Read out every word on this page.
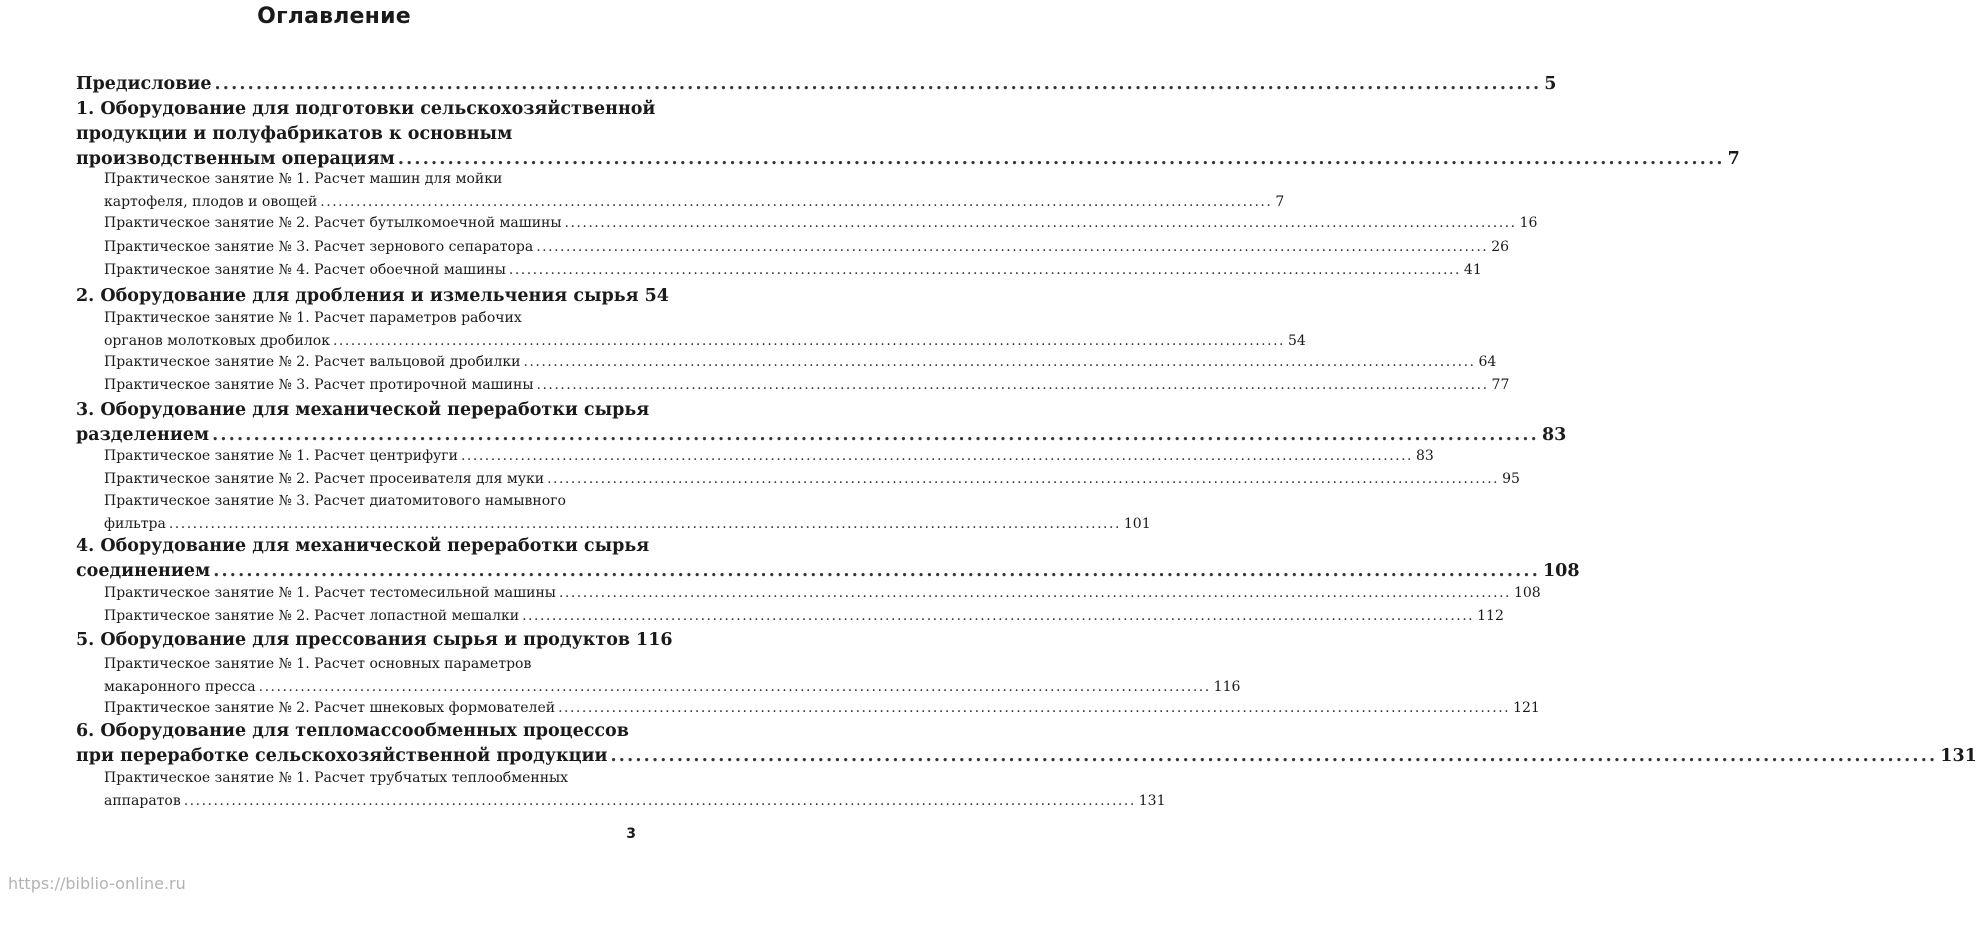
Оглавление
Предисловие ................................................................................................................................................................ 5
1. Оборудование для подготовки сельскохозяйственной
продукции и полуфабрикатов к основным
производственным операциям ................................................................................................................................................................ 7
Практическое занятие № 1. Расчет машин для мойки
картофеля, плодов и овощей ................................................................................................................................................................ 7
Практическое занятие № 2. Расчет бутылкомоечной машины ................................................................................................................................................................ 16
Практическое занятие № 3. Расчет зернового сепаратора ................................................................................................................................................................ 26
Практическое занятие № 4. Расчет обоечной машины ................................................................................................................................................................ 41
2. Оборудование для дробления и измельчения сырья 54
Практическое занятие № 1. Расчет параметров рабочих
органов молотковых дробилок ................................................................................................................................................................ 54
Практическое занятие № 2. Расчет вальцовой дробилки ................................................................................................................................................................ 64
Практическое занятие № 3. Расчет протирочной машины ................................................................................................................................................................ 77
3. Оборудование для механической переработки сырья
разделением ................................................................................................................................................................ 83
Практическое занятие № 1. Расчет центрифуги ................................................................................................................................................................ 83
Практическое занятие № 2. Расчет просеивателя для муки ................................................................................................................................................................ 95
Практическое занятие № 3. Расчет диатомитового намывного
фильтра ................................................................................................................................................................ 101
4. Оборудование для механической переработки сырья
соединением ................................................................................................................................................................ 108
Практическое занятие № 1. Расчет тестомесильной машины ................................................................................................................................................................ 108
Практическое занятие № 2. Расчет лопастной мешалки ................................................................................................................................................................ 112
5. Оборудование для прессования сырья и продуктов 116
Практическое занятие № 1. Расчет основных параметров
макаронного пресса ................................................................................................................................................................ 116
Практическое занятие № 2. Расчет шнековых формователей ................................................................................................................................................................ 121
6. Оборудование для тепломассообменных процессов
при переработке сельскохозяйственной продукции ................................................................................................................................................................ 131
Практическое занятие № 1. Расчет трубчатых теплообменных
аппаратов ................................................................................................................................................................ 131
3
https://biblio-online.ru
